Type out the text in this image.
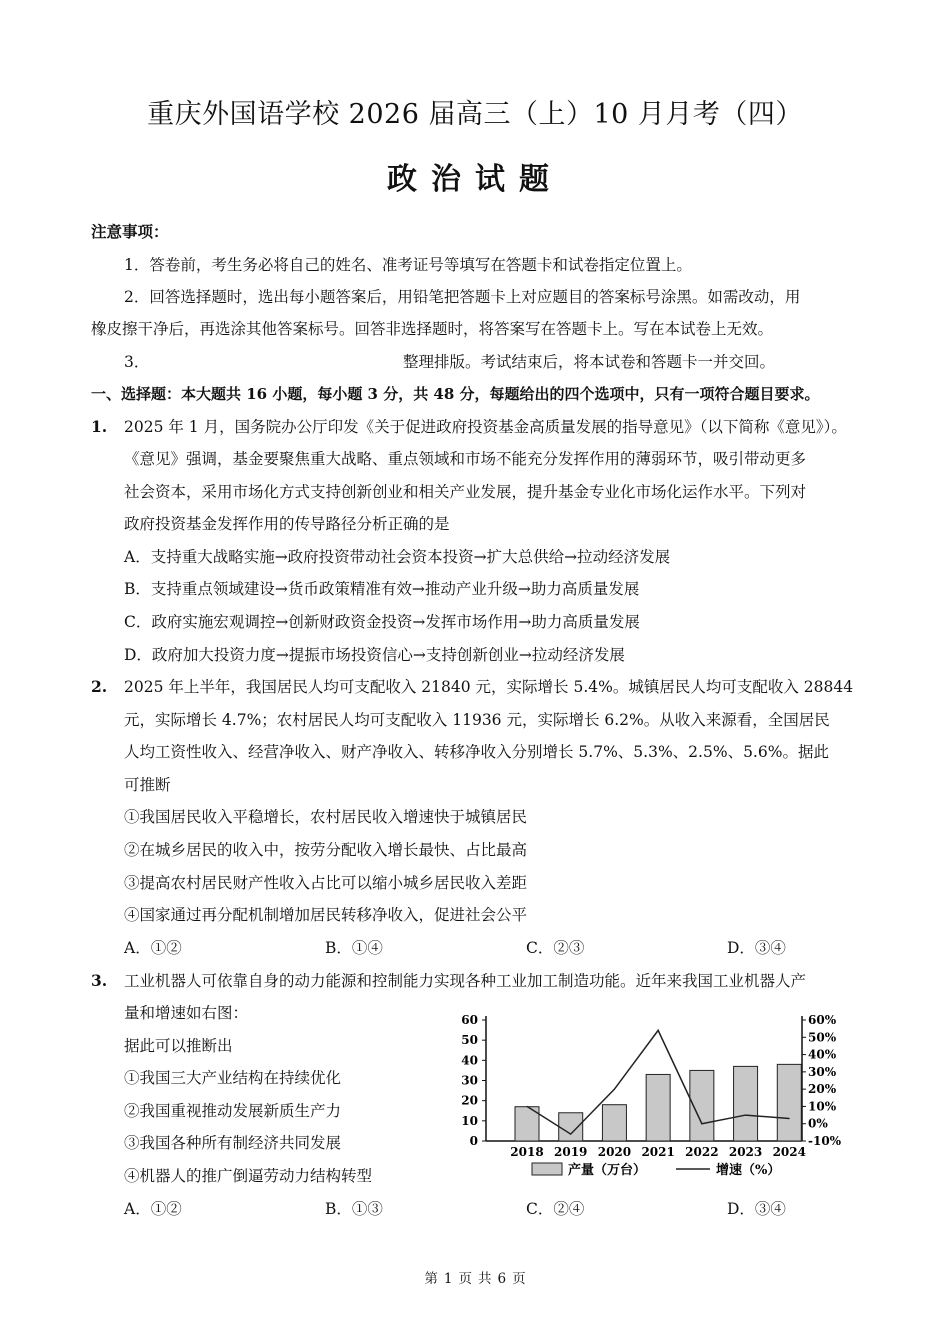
重庆外国语学校 2026 届高三（上）10 月月考（四）
政治试题
注意事项：
1．答卷前，考生务必将自己的姓名、准考证号等填写在答题卡和试卷指定位置上。
2．回答选择题时，选出每小题答案后，用铅笔把答题卡上对应题目的答案标号涂黑。如需改动，用
橡皮擦干净后，再选涂其他答案标号。回答非选择题时，将答案写在答题卡上。写在本试卷上无效。
3．	整理排版。考试结束后，将本试卷和答题卡一并交回。
一、选择题：本大题共 16 小题，每小题 3 分，共 48 分，每题给出的四个选项中，只有一项符合题目要求。
1. 2025 年 1 月，国务院办公厅印发《关于促进政府投资基金高质量发展的指导意见》（以下简称《意见》）。
《意见》强调，基金要聚焦重大战略、重点领域和市场不能充分发挥作用的薄弱环节，吸引带动更多
社会资本，采用市场化方式支持创新创业和相关产业发展，提升基金专业化市场化运作水平。下列对
政府投资基金发挥作用的传导路径分析正确的是
A．支持重大战略实施→政府投资带动社会资本投资→扩大总供给→拉动经济发展
B．支持重点领域建设→货币政策精准有效→推动产业升级→助力高质量发展
C．政府实施宏观调控→创新财政资金投资→发挥市场作用→助力高质量发展
D．政府加大投资力度→提振市场投资信心→支持创新创业→拉动经济发展
2. 2025 年上半年，我国居民人均可支配收入 21840 元，实际增长 5.4%。城镇居民人均可支配收入 28844
元，实际增长 4.7%；农村居民人均可支配收入 11936 元，实际增长 6.2%。从收入来源看，全国居民
人均工资性收入、经营净收入、财产净收入、转移净收入分别增长 5.7%、5.3%、2.5%、5.6%。据此
可推断
①我国居民收入平稳增长，农村居民收入增速快于城镇居民
②在城乡居民的收入中，按劳分配收入增长最快、占比最高
③提高农村居民财产性收入占比可以缩小城乡居民收入差距
④国家通过再分配机制增加居民转移净收入，促进社会公平
A．①②	B．①④	C．②③	D．③④
3. 工业机器人可依靠自身的动力能源和控制能力实现各种工业加工制造功能。近年来我国工业机器人产
量和增速如右图：
据此可以推断出
①我国三大产业结构在持续优化
②我国重视推动发展新质生产力
③我国各种所有制经济共同发展
④机器人的推广倒逼劳动力结构转型
A．①②	B．①③	C．②④	D．③④
60
50
40
30
20
10
0
60%
50%
40%
30%
20%
10%
0%
-10%
2018 2019 2020 2021 2022 2023 2024
产量（万台）	增速（%）
第 1 页 共 6 页
